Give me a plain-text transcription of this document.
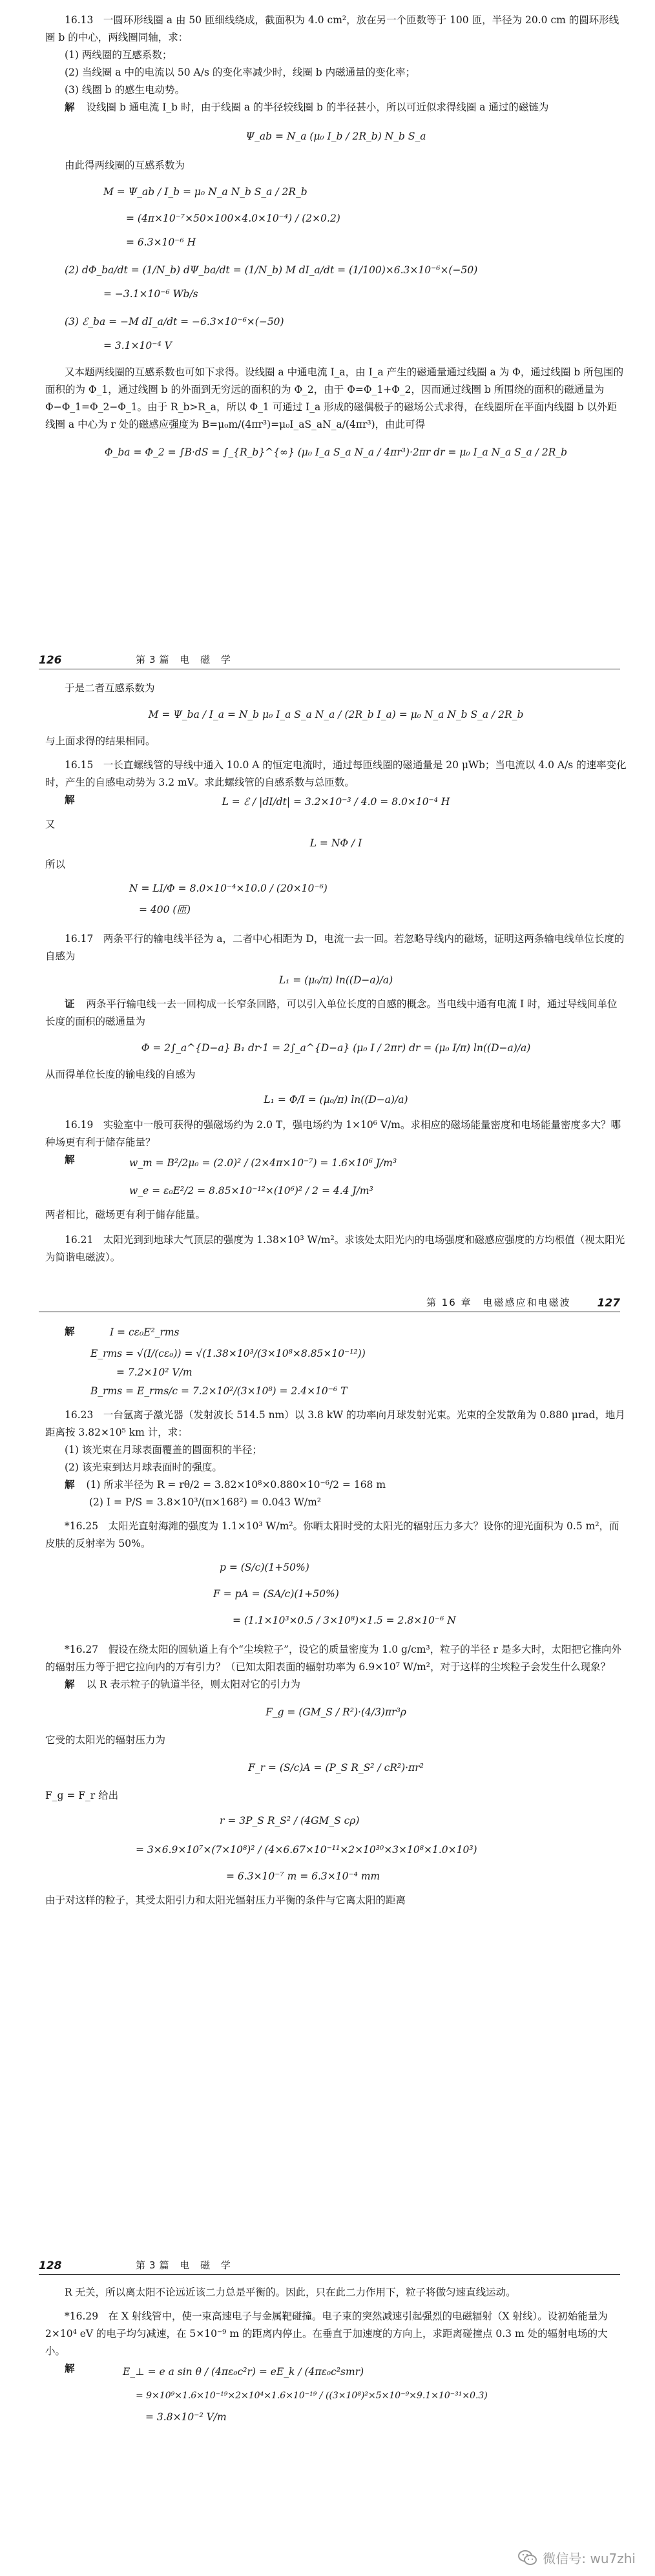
16.13　一圆环形线圈 a 由 50 匝细线绕成，截面积为 4.0 cm²，放在另一个匝数等于 100 匝，半径为 20.0 cm 的圆环形线圈 b 的中心，两线圈同轴，求：

(1) 两线圈的互感系数；

(2) 当线圈 a 中的电流以 50 A/s 的变化率减少时，线圈 b 内磁通量的变化率；

(3) 线圈 b 的感生电动势。

解 设线圈 b 通电流 I_b 时，由于线圈 a 的半径较线圈 b 的半径甚小，所以可近似求得线圈 a 通过的磁链为

Ψ_ab = N_a (μ₀ I_b / 2R_b) N_b S_a

由此得两线圈的互感系数为

M = Ψ_ab / I_b = μ₀ N_a N_b S_a / 2R_b

= (4π×10⁻⁷×50×100×4.0×10⁻⁴) / (2×0.2)

= 6.3×10⁻⁶ H

(2) dΦ_ba/dt = (1/N_b) dΨ_ba/dt = (1/N_b) M dI_a/dt = (1/100)×6.3×10⁻⁶×(−50)

= −3.1×10⁻⁶ Wb/s

(3) ℰ_ba = −M dI_a/dt = −6.3×10⁻⁶×(−50)

= 3.1×10⁻⁴ V

又本题两线圈的互感系数也可如下求得。设线圈 a 中通电流 I_a，由 I_a 产生的磁通量通过线圈 a 为 Φ，通过线圈 b 所包围的面积的为 Φ_1，通过线圈 b 的外面到无穷远的面积的为 Φ_2，由于 Φ=Φ_1+Φ_2，因而通过线圈 b 所围绕的面积的磁通量为 Φ−Φ_1=Φ_2−Φ_1。由于 R_b>R_a，所以 Φ_1 可通过 I_a 形成的磁偶极子的磁场公式求得，在线圈所在平面内线圈 b 以外距线圈 a 中心为 r 处的磁感应强度为 B=μ₀m/(4πr³)=μ₀I_aS_aN_a/(4πr³)，由此可得

Φ_ba = Φ_2 = ∫B·dS = ∫_{R_b}^{∞} (μ₀ I_a S_a N_a / 4πr³)·2πr dr = μ₀ I_a N_a S_a / 2R_b

126	第3篇 电 磁 学

于是二者互感系数为

M = Ψ_ba / I_a = N_b μ₀ I_a S_a N_a / (2R_b I_a) = μ₀ N_a N_b S_a / 2R_b

与上面求得的结果相同。

16.15　一长直螺线管的导线中通入 10.0 A 的恒定电流时，通过每匝线圈的磁通量是 20 μWb；当电流以 4.0 A/s 的速率变化时，产生的自感电动势为 3.2 mV。求此螺线管的自感系数与总匝数。

解	L = ℰ / |dI/dt| = 3.2×10⁻³ / 4.0 = 8.0×10⁻⁴ H

又

L = NΦ / I

所以

N = LI/Φ = 8.0×10⁻⁴×10.0 / (20×10⁻⁶)

= 400 (匝)

16.17　两条平行的输电线半径为 a，二者中心相距为 D，电流一去一回。若忽略导线内的磁场，证明这两条输电线单位长度的自感为

L₁ = (μ₀/π) ln((D−a)/a)

证 两条平行输电线一去一回构成一长窄条回路，可以引入单位长度的自感的概念。当电线中通有电流 I 时，通过导线间单位长度的面积的磁通量为

Φ = 2∫_a^{D−a} B₁ dr·1 = 2∫_a^{D−a} (μ₀ I / 2πr) dr = (μ₀ I/π) ln((D−a)/a)

从而得单位长度的输电线的自感为

L₁ = Φ/I = (μ₀/π) ln((D−a)/a)

16.19　实验室中一般可获得的强磁场约为 2.0 T，强电场约为 1×10⁶ V/m。求相应的磁场能量密度和电场能量密度多大？哪种场更有利于储存能量？

解	w_m = B²/2μ₀ = (2.0)² / (2×4π×10⁻⁷) = 1.6×10⁶ J/m³

w_e = ε₀E²/2 = 8.85×10⁻¹²×(10⁶)² / 2 = 4.4 J/m³

两者相比，磁场更有利于储存能量。

16.21　太阳光到到地球大气顶层的强度为 1.38×10³ W/m²。求该处太阳光内的电场强度和磁感应强度的方均根值（视太阳光为简谐电磁波）。

第 16 章　电磁感应和电磁波 127

解	I = cε₀E²_rms

E_rms = √(I/(cε₀)) = √(1.38×10³/(3×10⁸×8.85×10⁻¹²))

= 7.2×10² V/m

B_rms = E_rms/c = 7.2×10²/(3×10⁸) = 2.4×10⁻⁶ T

16.23　一台氩离子激光器（发射波长 514.5 nm）以 3.8 kW 的功率向月球发射光束。光束的全发散角为 0.880 μrad，地月距离按 3.82×10⁵ km 计，求：

(1) 该光束在月球表面覆盖的圆面积的半径；

(2) 该光束到达月球表面时的强度。

解 (1) 所求半径为 R = rθ/2 = 3.82×10⁸×0.880×10⁻⁶/2 = 168 m

(2) I = P/S = 3.8×10³/(π×168²) = 0.043 W/m²

*16.25　太阳光直射海滩的强度为 1.1×10³ W/m²。你晒太阳时受的太阳光的辐射压力多大？设你的迎光面积为 0.5 m²，而皮肤的反射率为 50%。

p = (S/c)(1+50%)

F = pA = (SA/c)(1+50%)

= (1.1×10³×0.5 / 3×10⁸)×1.5 = 2.8×10⁻⁶ N

*16.27　假设在绕太阳的圆轨道上有个“尘埃粒子”，设它的质量密度为 1.0 g/cm³，粒子的半径 r 是多大时，太阳把它推向外的辐射压力等于把它拉向内的万有引力？（已知太阳表面的辐射功率为 6.9×10⁷ W/m²，对于这样的尘埃粒子会发生什么现象？

解 以 R 表示粒子的轨道半径，则太阳对它的引力为

F_g = (GM_S / R²)·(4/3)πr³ρ

它受的太阳光的辐射压力为

F_r = (S/c)A = (P_S R_S² / cR²)·πr²

F_g = F_r 给出

r = 3P_S R_S² / (4GM_S cρ)

= 3×6.9×10⁷×(7×10⁸)² / (4×6.67×10⁻¹¹×2×10³⁰×3×10⁸×1.0×10³)

= 6.3×10⁻⁷ m = 6.3×10⁻⁴ mm

由于对这样的粒子，其受太阳引力和太阳光辐射压力平衡的条件与它离太阳的距离

128	第3篇 电 磁 学

R 无关，所以离太阳不论远近该二力总是平衡的。因此，只在此二力作用下，粒子将做匀速直线运动。

*16.29　在 X 射线管中，使一束高速电子与金属靶碰撞。电子束的突然减速引起强烈的电磁辐射（X 射线）。设初始能量为 2×10⁴ eV 的电子均匀减速，在 5×10⁻⁹ m 的距离内停止。在垂直于加速度的方向上，求距离碰撞点 0.3 m 处的辐射电场的大小。

解	E_⊥ = e a sin θ / (4πε₀c²r) = eE_k / (4πε₀c²smr)

= 9×10⁹×1.6×10⁻¹⁹×2×10⁴×1.6×10⁻¹⁹ / ((3×10⁸)²×5×10⁻⁹×9.1×10⁻³¹×0.3)

= 3.8×10⁻² V/m

微信号: wu7zhi
